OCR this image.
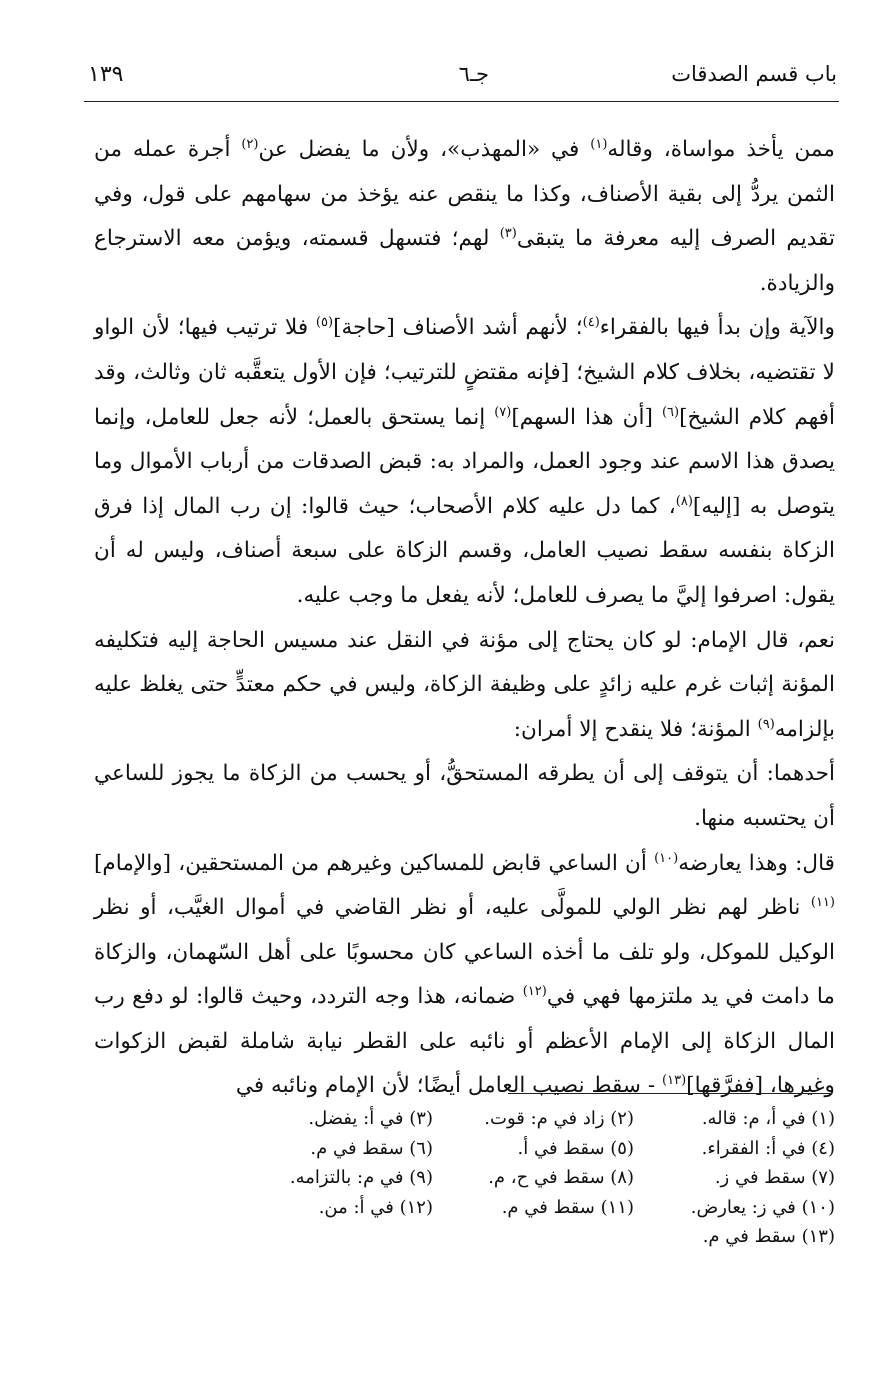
باب قسم الصدقات
جـ٦
١٣٩

ممن يأخذ مواساة، وقاله$^{(١)}$ في «المهذب»، ولأن ما يفضل عن$^{(٢)}$ أجرة عمله من الثمن يردُّ إلى بقية الأصناف، وكذا ما ينقص عنه يؤخذ من سهامهم على قول، وفي تقديم الصرف إليه معرفة ما يتبقى$^{(٣)}$ لهم؛ فتسهل قسمته، ويؤمن معه الاسترجاع والزيادة.

والآية وإن بدأ فيها بالفقراء$^{(٤)}$؛ لأنهم أشد الأصناف [حاجة]$^{(٥)}$ فلا ترتيب فيها؛ لأن الواو لا تقتضيه، بخلاف كلام الشيخ؛ [فإنه مقتضٍ للترتيب؛ فإن الأول يتعقَّبه ثان وثالث، وقد أفهم كلام الشيخ]$^{(٦)}$ [أن هذا السهم]$^{(٧)}$ إنما يستحق بالعمل؛ لأنه جعل للعامل، وإنما يصدق هذا الاسم عند وجود العمل، والمراد به: قبض الصدقات من أرباب الأموال وما يتوصل به [إليه]$^{(٨)}$، كما دل عليه كلام الأصحاب؛ حيث قالوا: إن رب المال إذا فرق الزكاة بنفسه سقط نصيب العامل، وقسم الزكاة على سبعة أصناف، وليس له أن يقول: اصرفوا إليَّ ما يصرف للعامل؛ لأنه يفعل ما وجب عليه.

نعم، قال الإمام: لو كان يحتاج إلى مؤنة في النقل عند مسيس الحاجة إليه فتكليفه المؤنة إثبات غرم عليه زائدٍ على وظيفة الزكاة، وليس في حكم معتدٍّ حتى يغلظ عليه بإلزامه$^{(٩)}$ المؤنة؛ فلا ينقدح إلا أمران:

أحدهما: أن يتوقف إلى أن يطرقه المستحقُّ، أو يحسب من الزكاة ما يجوز للساعي أن يحتسبه منها.

قال: وهذا يعارضه$^{(١٠)}$ أن الساعي قابض للمساكين وغيرهم من المستحقين، [والإمام]$^{(١١)}$ ناظر لهم نظر الولي للمولَّى عليه، أو نظر القاضي في أموال الغيَّب، أو نظر الوكيل للموكل، ولو تلف ما أخذه الساعي كان محسوبًا على أهل السّهمان، والزكاة ما دامت في يد ملتزمها فهي في$^{(١٢)}$ ضمانه، هذا وجه التردد، وحيث قالوا: لو دفع رب المال الزكاة إلى الإمام الأعظم أو نائبه على القطر نيابة شاملة لقبض الزكوات وغيرها، [ففرَّقها]$^{(١٣)}$ - سقط نصيب العامل أيضًا؛ لأن الإمام ونائبه في

(١) في أ، م: قاله.
(٢) زاد في م: قوت.
(٣) في أ: يفضل.
(٤) في أ: الفقراء.
(٥) سقط في أ.
(٦) سقط في م.
(٧) سقط في ز.
(٨) سقط في ح، م.
(٩) في م: بالتزامه.
(١٠) في ز: يعارض.
(١١) سقط في م.
(١٢) في أ: من.
(١٣) سقط في م.
